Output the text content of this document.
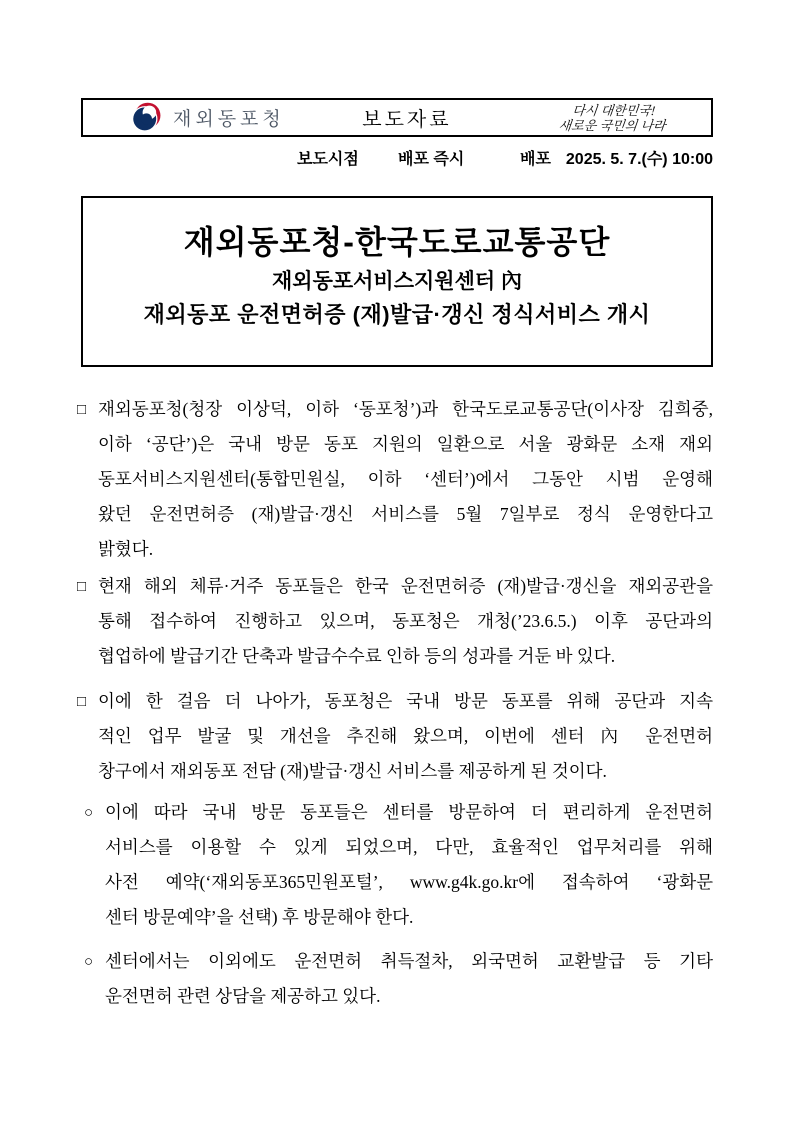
재외동포청	보도자료	다시 대한민국!
새로운 국민의 나라
보도시점 배포 즉시	배포 2025. 5. 7.(수) 10:00
재외동포청-한국도로교통공단
재외동포서비스지원센터 內
재외동포 운전면허증 (재)발급·갱신 정식서비스 개시
□ 재외동포청(청장 이상덕, 이하 ‘동포청’)과 한국도로교통공단(이사장 김희중,
이하 ‘공단’)은 국내 방문 동포 지원의 일환으로 서울 광화문 소재 재외
동포서비스지원센터(통합민원실, 이하 ‘센터’)에서 그동안 시범 운영해
왔던 운전면허증 (재)발급·갱신 서비스를 5월 7일부로 정식 운영한다고
밝혔다.
□ 현재 해외 체류·거주 동포들은 한국 운전면허증 (재)발급·갱신을 재외공관을
통해 접수하여 진행하고 있으며, 동포청은 개청(’23.6.5.) 이후 공단과의
협업하에 발급기간 단축과 발급수수료 인하 등의 성과를 거둔 바 있다.
□ 이에 한 걸음 더 나아가, 동포청은 국내 방문 동포를 위해 공단과 지속
적인 업무 발굴 및 개선을 추진해 왔으며, 이번에 센터 內 운전면허
창구에서 재외동포 전담 (재)발급·갱신 서비스를 제공하게 된 것이다.
○ 이에 따라 국내 방문 동포들은 센터를 방문하여 더 편리하게 운전면허
서비스를 이용할 수 있게 되었으며, 다만, 효율적인 업무처리를 위해
사전 예약(‘재외동포365민원포털’, www.g4k.go.kr에 접속하여 ‘광화문
센터 방문예약’을 선택) 후 방문해야 한다.
○ 센터에서는 이외에도 운전면허 취득절차, 외국면허 교환발급 등 기타
운전면허 관련 상담을 제공하고 있다.
